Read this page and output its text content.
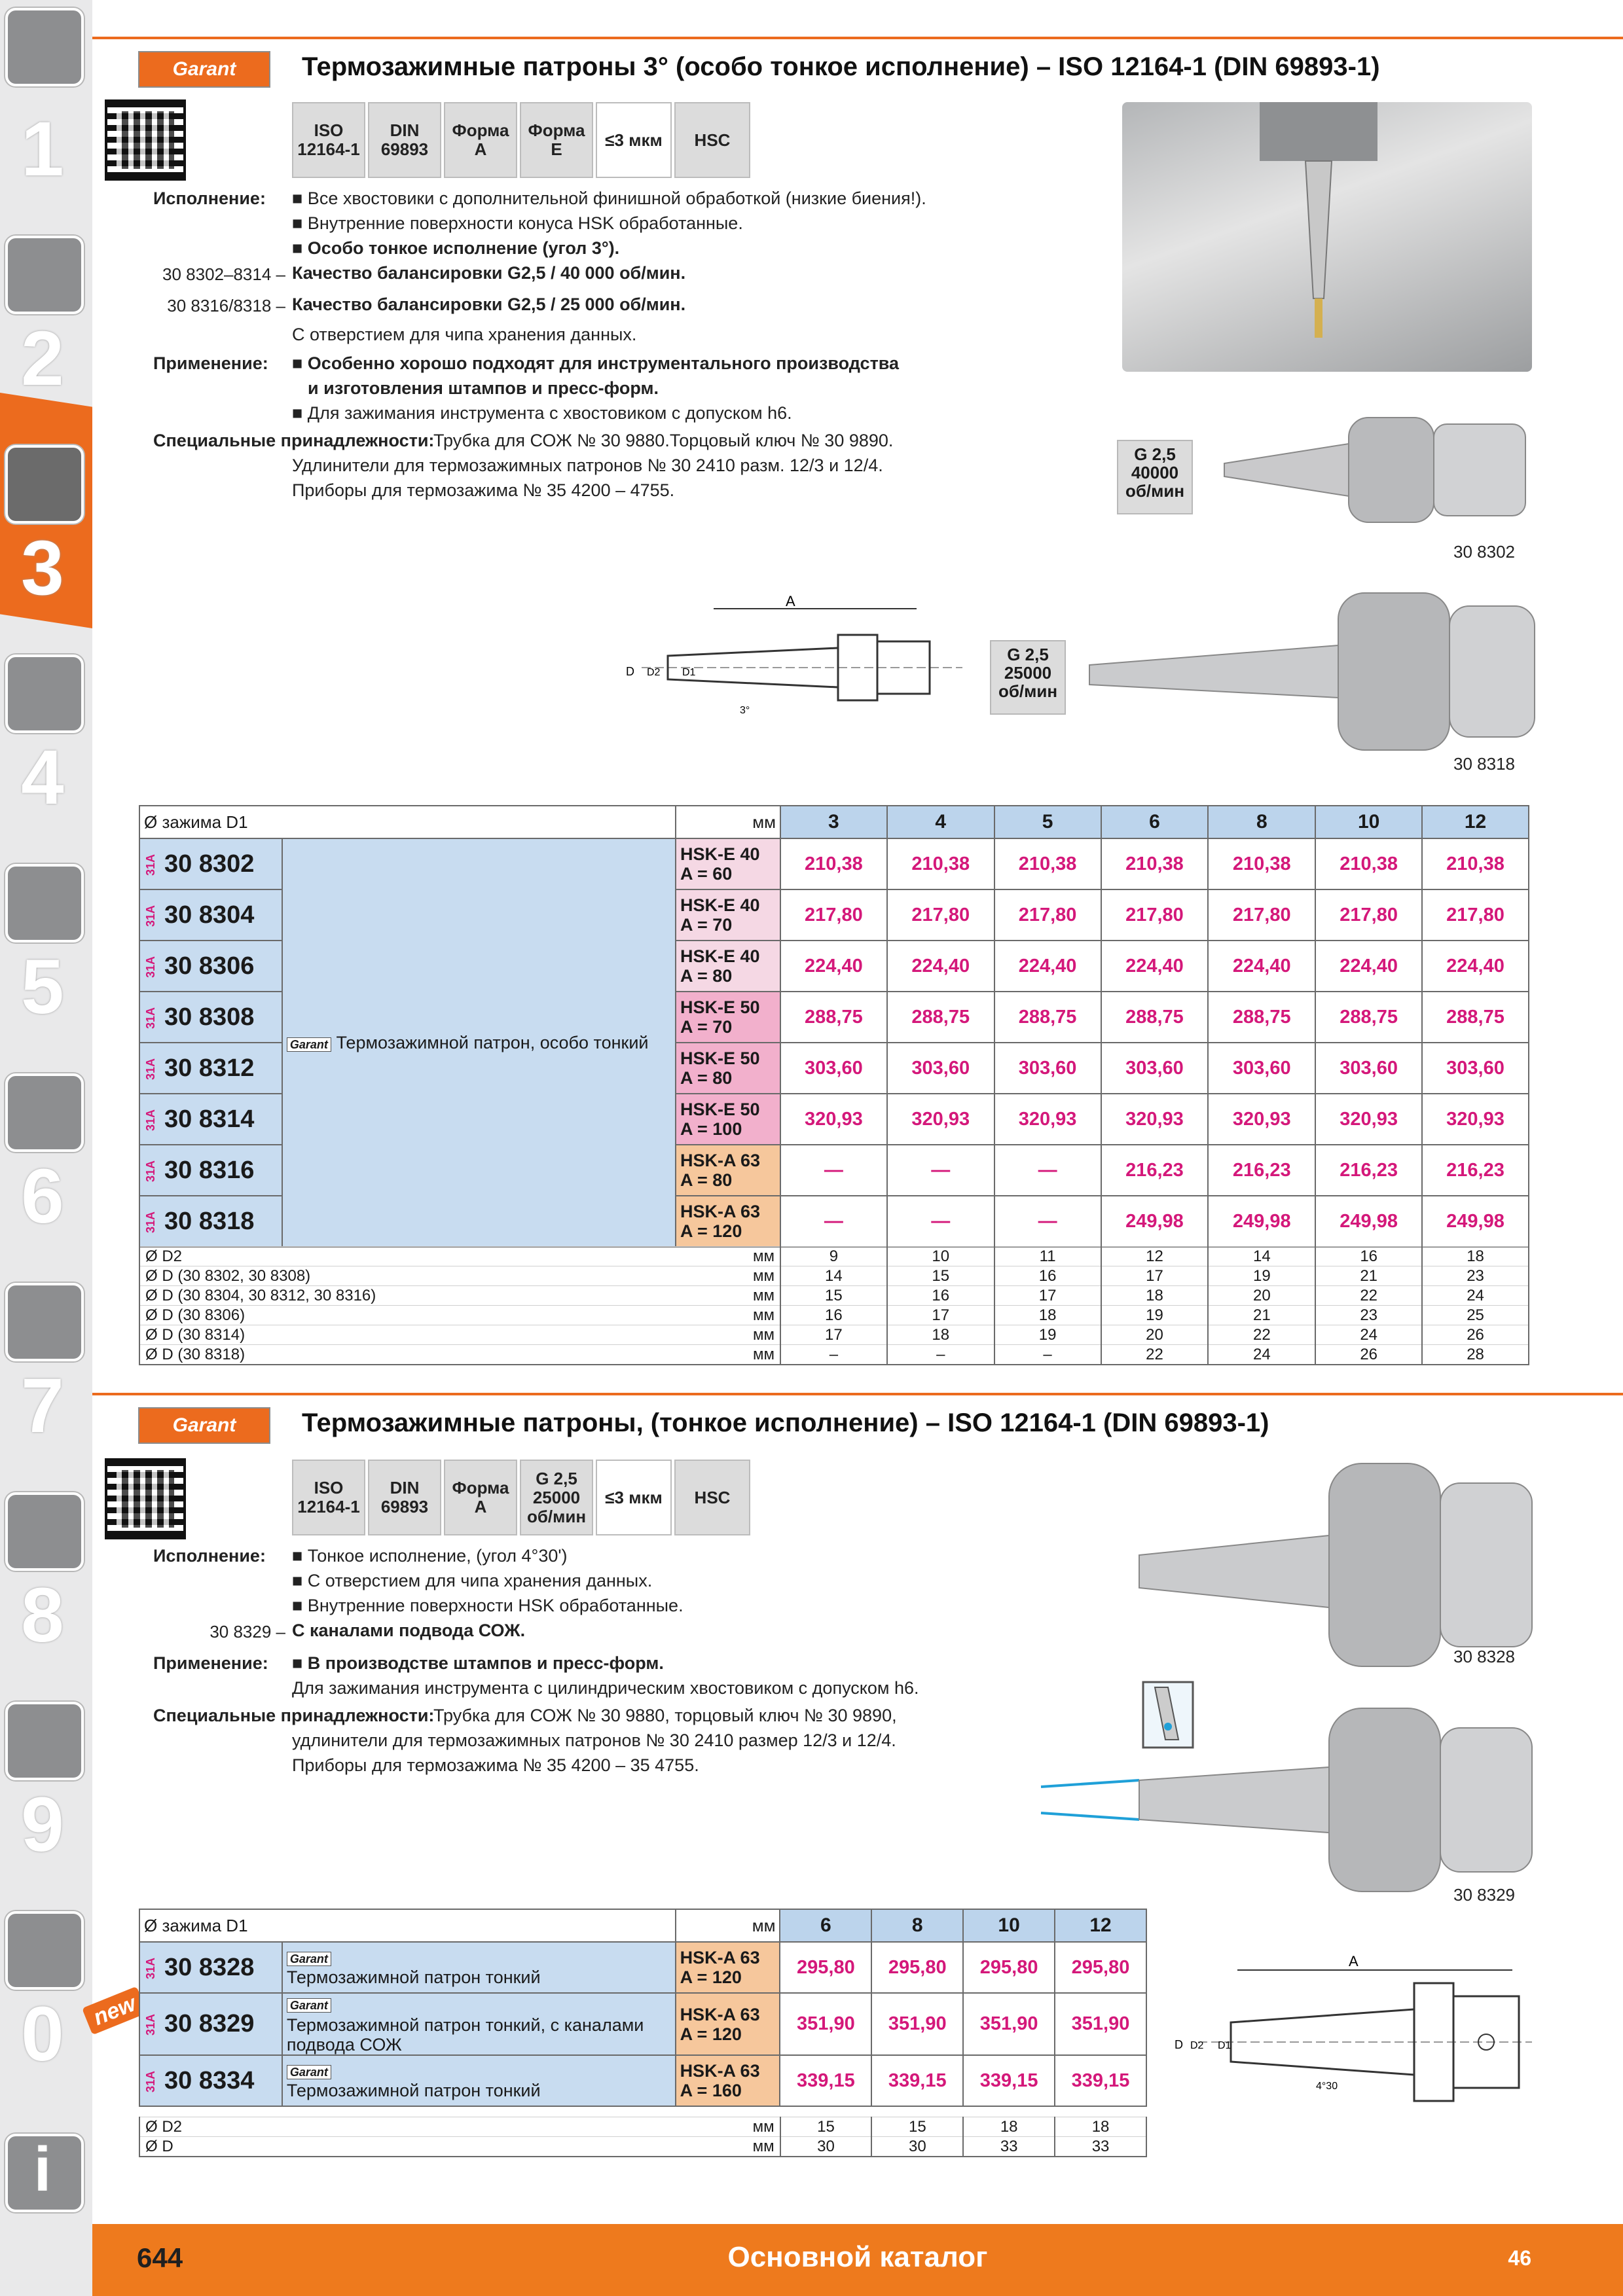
1
2
3
4
5
6
7
8
9
0
i
new
Garant	Термозажимные патроны 3° (особо тонкое исполнение) – ISO 12164-1 (DIN 69893-1)
ISO 12164-1
DIN 69893
Форма A
Форма E	≤3 мкм	HSC
Исполнение: ■ Все хвостовики с дополнительной финишной обработкой (низкие биения!).
■ Внутренние поверхности конуса HSK обработанные.
■ Особо тонкое исполнение (угол 3°).
30 8302–8314 – Качество балансировки G2,5 / 40 000 об/мин.
30 8316/8318 – Качество балансировки G2,5 / 25 000 об/мин.
С отверстием для чипа хранения данных.
Применение: ■ Особенно хорошо подходят для инструментального производства
и изготовления штампов и пресс-форм.
■ Для зажимания инструмента с хвостовиком с допуском h6.
Специальные принадлежности:
Трубка для СОЖ № 30 9880.Торцовый ключ № 30 9890.
Удлинители для термозажимных патронов № 30 2410 разм. 12/3 и 12/4.
Приборы для термозажима № 35 4200 – 4755.
G 2,5 40000 об/мин
30 8302
G 2,5 25000 об/мин
30 8318
A
D D2 D1
3°
Ø зажима D1		мм	3	4	5	6	8	10	12
31A 30 8302	Garant Термозажимной патрон, особо тонкий	HSK-E 40
A = 60	210,38	210,38	210,38	210,38	210,38	210,38	210,38
31A 30 8304		HSK-E 40
A = 70	217,80	217,80	217,80	217,80	217,80	217,80	217,80
31A 30 8306		HSK-E 40
A = 80	224,40	224,40	224,40	224,40	224,40	224,40	224,40
31A 30 8308		HSK-E 50
A = 70	288,75	288,75	288,75	288,75	288,75	288,75	288,75
31A 30 8312		HSK-E 50
A = 80	303,60	303,60	303,60	303,60	303,60	303,60	303,60
31A 30 8314		HSK-E 50
A = 100	320,93	320,93	320,93	320,93	320,93	320,93	320,93
31A 30 8316		HSK-A 63
A = 80	—	—	—	216,23	216,23	216,23	216,23
31A 30 8318		HSK-A 63
A = 120	—	—	—	249,98	249,98	249,98	249,98
Ø D2 мм	9	10	11	12	14	16	18
Ø D (30 8302, 30 8308) мм	14	15	16	17	19	21	23
Ø D (30 8304, 30 8312, 30 8316) мм	15	16	17	18	20	22	24
Ø D (30 8306) мм	16	17	18	19	21	23	25
Ø D (30 8314) мм	17	18	19	20	22	24	26
Ø D (30 8318) мм	–	–	–	22	24	26	28
Garant	Термозажимные патроны, (тонкое исполнение) – ISO 12164-1 (DIN 69893-1)
ISO 12164-1
DIN 69893
Форма A
G 2,5 25000 об/мин
≤3 мкм	HSC
Исполнение: ■ Тонкое исполнение, (угол 4°30')
■ С отверстием для чипа хранения данных.
■ Внутренние поверхности HSK обработанные.
30 8329 – С каналами подвода СОЖ.
Применение: ■ В производстве штампов и пресс-форм.
Для зажимания инструмента с цилиндрическим хвостовиком с допуском h6.
Специальные принадлежности:
Трубка для СОЖ № 30 9880, торцовый ключ № 30 9890,
удлинители для термозажимных патронов № 30 2410 размер 12/3 и 12/4.
Приборы для термозажима № 35 4200 – 35 4755.
30 8328
30 8329
Ø зажима D1		мм	6	8	10	12
31A 30 8328	Garant
Термозажимной патрон тонкий	HSK-A 63
A = 120	295,80	295,80	295,80	295,80
31A 30 8329	Garant
Термозажимной патрон тонкий, с каналами подвода СОЖ	HSK-A 63
A = 120	351,90	351,90	351,90	351,90
31A 30 8334	Garant
Термозажимной патрон тонкий	HSK-A 63
A = 160	339,15	339,15	339,15	339,15
Ø D2 мм	15	15	18	18
Ø D мм	30	30	33	33
A
D D2 D1
4°30
644	Основной каталог	46
